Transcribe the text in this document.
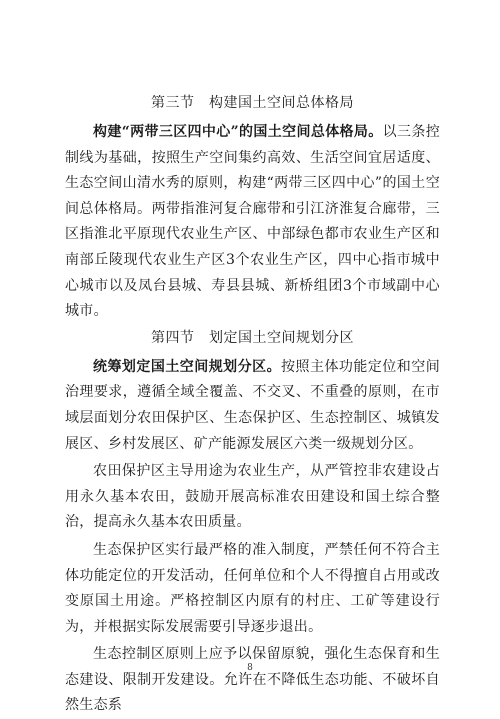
第三节　构建国土空间总体格局

构建“两带三区四中心”的国土空间总体格局。以三条控制线为基础，按照生产空间集约高效、生活空间宜居适度、生态空间山清水秀的原则，构建“两带三区四中心”的国土空间总体格局。两带指淮河复合廊带和引江济淮复合廊带，三区指淮北平原现代农业生产区、中部绿色都市农业生产区和南部丘陵现代农业生产区3个农业生产区，四中心指市城中心城市以及凤台县城、寿县县城、新桥组团3个市域副中心城市。

第四节　划定国土空间规划分区

统筹划定国土空间规划分区。按照主体功能定位和空间治理要求，遵循全域全覆盖、不交叉、不重叠的原则，在市域层面划分农田保护区、生态保护区、生态控制区、城镇发展区、乡村发展区、矿产能源发展区六类一级规划分区。

农田保护区主导用途为农业生产，从严管控非农建设占用永久基本农田，鼓励开展高标准农田建设和国土综合整治，提高永久基本农田质量。

生态保护区实行最严格的准入制度，严禁任何不符合主体功能定位的开发活动，任何单位和个人不得擅自占用或改变原国土用途。严格控制区内原有的村庄、工矿等建设行为，并根据实际发展需要引导逐步退出。

生态控制区原则上应予以保留原貌，强化生态保育和生态建设、限制开发建设。允许在不降低生态功能、不破坏自然生态系

8
